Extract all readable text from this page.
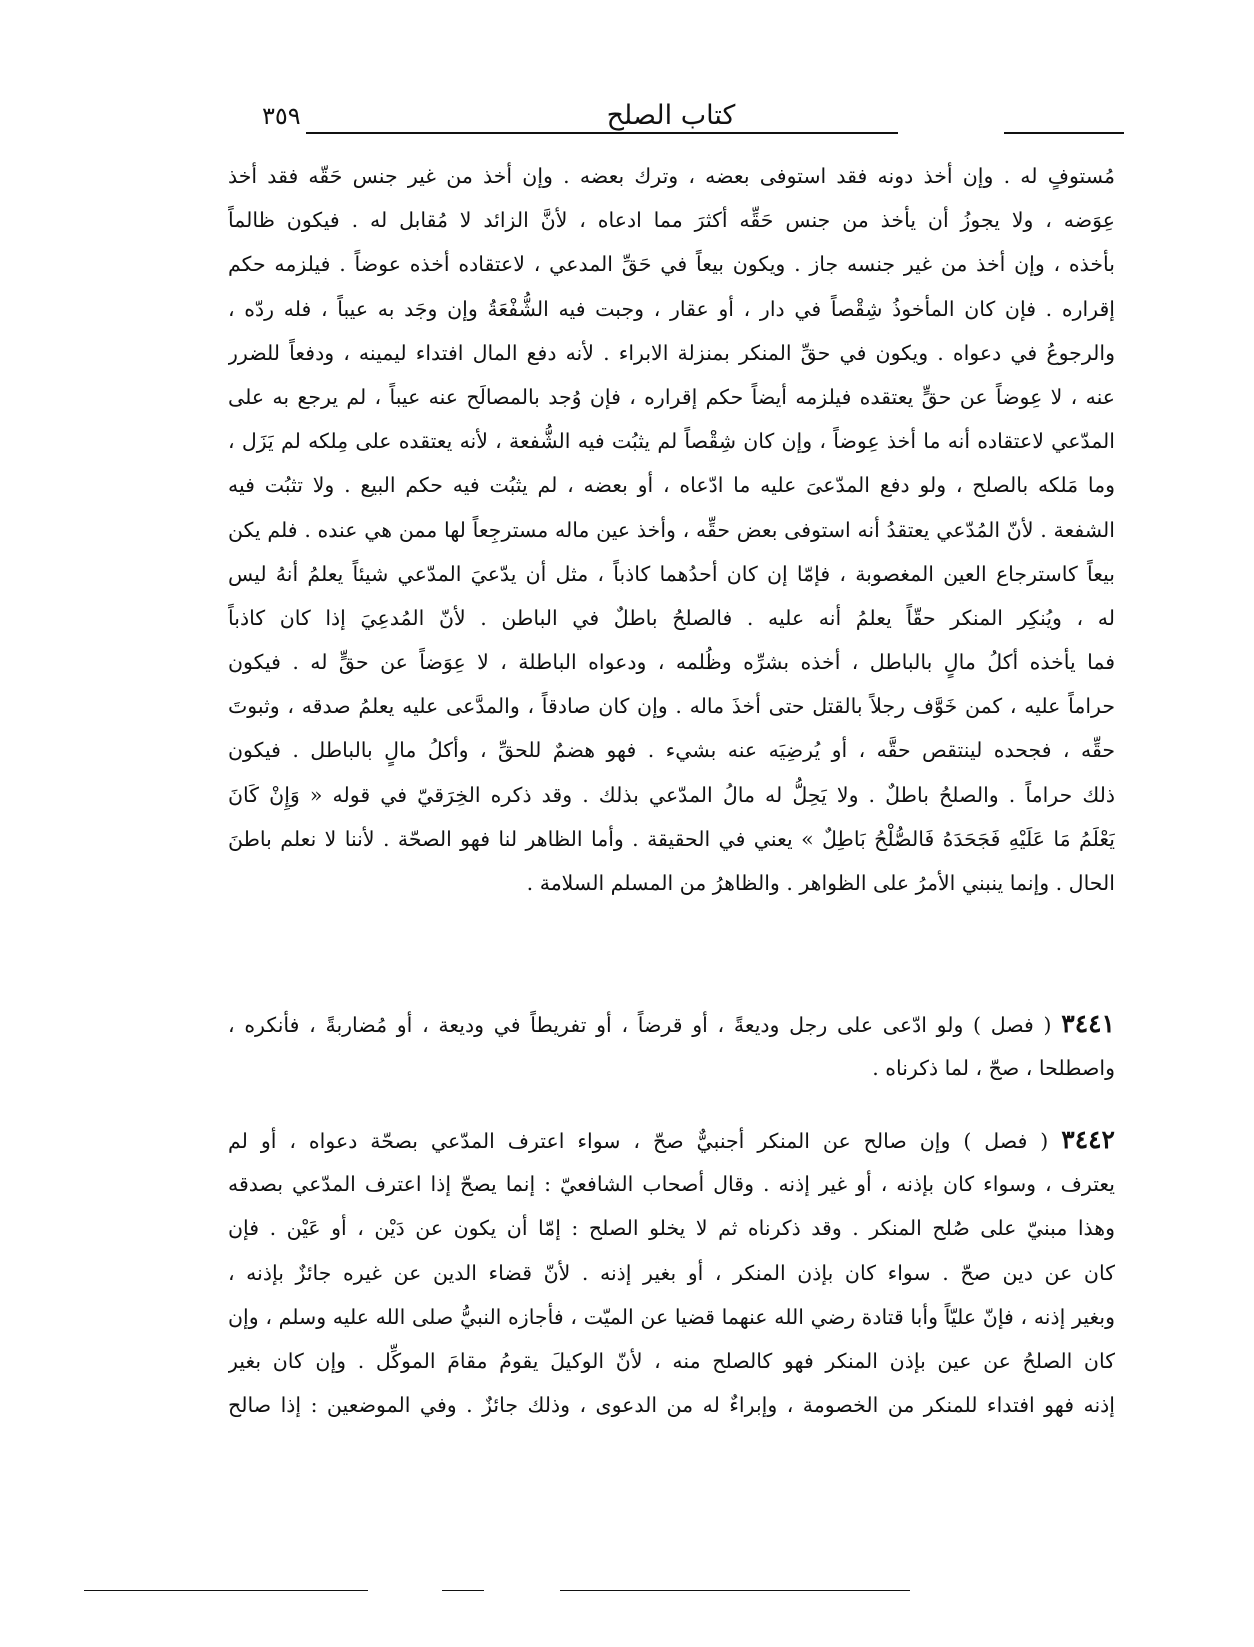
٣٥٩	كتاب الصلح
مُستوفٍ له . وإن أخذ دونه فقد استوفى بعضه ، وترك بعضه . وإن أخذ من غير جنس حَقّه فقد أخذ
عِوَضه ، ولا يجوزُ أن يأخذ من جنس حَقِّه أكثرَ مما ادعاه ، لأنَّ الزائد لا مُقابل له . فيكون ظالماً
بأخذه ، وإن أخذ من غير جنسه جاز . ويكون بيعاً في حَقِّ المدعي ، لاعتقاده أخذه عوضاً . فيلزمه حكم
إقراره . فإن كان المأخوذُ شِقْصاً في دار ، أو عقار ، وجبت فيه الشُّفْعَةُ وإن وجَد به عيباً ، فله ردّه ،
والرجوعُ في دعواه . ويكون في حقِّ المنكر بمنزلة الابراء . لأنه دفع المال افتداء ليمينه ، ودفعاً للضرر
عنه ، لا عِوضاً عن حقٍّ يعتقده فيلزمه أيضاً حكم إقراره ، فإن وُجد بالمصالَح عنه عيباً ، لم يرجع به على
المدّعي لاعتقاده أنه ما أخذ عِوضاً ، وإن كان شِقْصاً لم يثبُت فيه الشُّفعة ، لأنه يعتقده على مِلكه لم يَزَل ،
وما مَلكه بالصلح ، ولو دفع المدّعىَ عليه ما ادّعاه ، أو بعضه ، لم يثبُت فيه حكم البيع . ولا تثبُت فيه
الشفعة . لأنّ المُدّعي يعتقدُ أنه استوفى بعض حقِّه ، وأخذ عين ماله مسترجِعاً لها ممن هي عنده . فلم يكن
بيعاً كاسترجاع العين المغصوبة ، فإمّا إن كان أحدُهما كاذباً ، مثل أن يدّعيَ المدّعي شيئاً يعلمُ أنهُ ليس
له ، ويُنكِر المنكر حقّاً يعلمُ أنه عليه . فالصلحُ باطلٌ في الباطن . لأنّ المُدعِيَ إذا كان كاذباً
فما يأخذه أكلُ مالٍ بالباطل ، أخذه بشرِّه وظُلمه ، ودعواه الباطلة ، لا عِوَضاً عن حقٍّ له . فيكون
حراماً عليه ، كمن خَوَّف رجلاً بالقتل حتى أخذَ ماله . وإن كان صادقاً ، والمدَّعى عليه يعلمُ صدقه ، وثبوتَ
حقِّه ، فجحده لينتقص حقَّه ، أو يُرضِيَه عنه بشيء . فهو هضمٌ للحقِّ ، وأكلُ مالٍ بالباطل . فيكون
ذلك حراماً . والصلحُ باطلٌ . ولا يَحِلُّ له مالُ المدّعي بذلك . وقد ذكره الخِرَقيّ في قوله « وَإِنْ كَانَ
يَعْلَمُ مَا عَلَيْهِ فَجَحَدَهُ فَالصُّلْحُ بَاطِلٌ » يعني في الحقيقة . وأما الظاهر لنا فهو الصحّة . لأننا لا نعلم باطنَ
الحال . وإنما ينبني الأمرُ على الظواهر . والظاهرُ من المسلم السلامة .
٣٤٤١ ( فصل ) ولو ادّعى على رجل وديعةً ، أو قرضاً ، أو تفريطاً في وديعة ، أو مُضاربةً ، فأنكره ،
واصطلحا ، صحّ ، لما ذكرناه .
٣٤٤٢ ( فصل ) وإن صالح عن المنكر أجنبيٌّ صحّ ، سواء اعترف المدّعي بصحّة دعواه ، أو لم
يعترف ، وسواء كان بإذنه ، أو غير إذنه . وقال أصحاب الشافعيّ : إنما يصحّ إذا اعترف المدّعي بصدقه
وهذا مبنيّ على صُلح المنكر . وقد ذكرناه ثم لا يخلو الصلح : إمّا أن يكون عن دَيْن ، أو عَيْن . فإن
كان عن دين صحّ . سواء كان بإذن المنكر ، أو بغير إذنه . لأنّ قضاء الدين عن غيره جائزٌ بإذنه ،
وبغير إذنه ، فإنّ عليّاً وأبا قتادة رضي الله عنهما قضيا عن الميّت ، فأجازه النبيُّ صلى الله عليه وسلم ، وإن
كان الصلحُ عن عين بإذن المنكر فهو كالصلح منه ، لأنّ الوكيلَ يقومُ مقامَ الموكِّل . وإن كان بغير
إذنه فهو افتداء للمنكر من الخصومة ، وإبراءٌ له من الدعوى ، وذلك جائزٌ . وفي الموضعين : إذا صالح
